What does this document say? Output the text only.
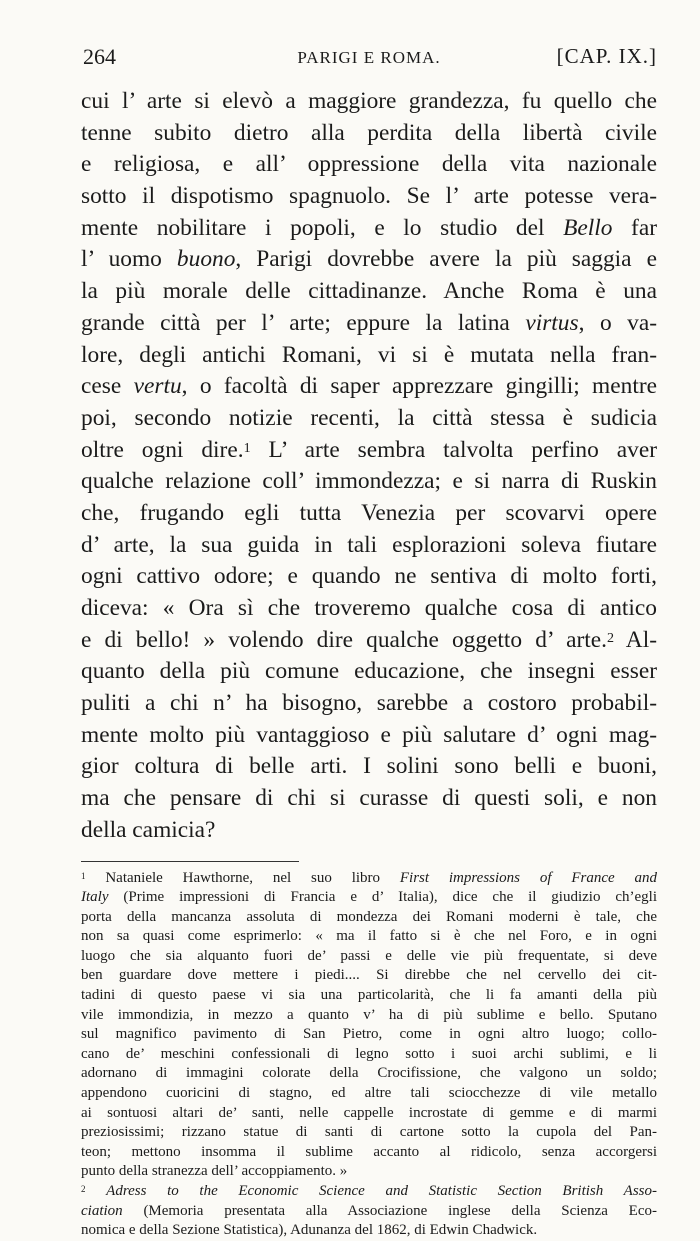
264	PARIGI E ROMA.	[CAP. IX.]
cui l’ arte si elevò a maggiore grandezza, fu quello che
tenne subito dietro alla perdita della libertà civile
e religiosa, e all’ oppressione della vita nazionale
sotto il dispotismo spagnuolo. Se l’ arte potesse vera-
mente nobilitare i popoli, e lo studio del Bello far
l’ uomo buono, Parigi dovrebbe avere la più saggia e
la più morale delle cittadinanze. Anche Roma è una
grande città per l’ arte; eppure la latina virtus, o va-
lore, degli antichi Romani, vi si è mutata nella fran-
cese vertu, o facoltà di saper apprezzare gingilli; mentre
poi, secondo notizie recenti, la città stessa è sudicia
oltre ogni dire.$^1$ L’ arte sembra talvolta perfino aver
qualche relazione coll’ immondezza; e si narra di Ruskin
che, frugando egli tutta Venezia per scovarvi opere
d’ arte, la sua guida in tali esplorazioni soleva fiutare
ogni cattivo odore; e quando ne sentiva di molto forti,
diceva: « Ora sì che troveremo qualche cosa di antico
e di bello! » volendo dire qualche oggetto d’ arte.$^2$ Al-
quanto della più comune educazione, che insegni esser
puliti a chi n’ ha bisogno, sarebbe a costoro probabil-
mente molto più vantaggioso e più salutare d’ ogni mag-
gior coltura di belle arti. I solini sono belli e buoni,
ma che pensare di chi si curasse di questi soli, e non
della camicia?
$^1$ Nataniele Hawthorne, nel suo libro First impressions of France and
Italy (Prime impressioni di Francia e d’ Italia), dice che il giudizio ch’egli
porta della mancanza assoluta di mondezza dei Romani moderni è tale, che
non sa quasi come esprimerlo: « ma il fatto si è che nel Foro, e in ogni
luogo che sia alquanto fuori de’ passi e delle vie più frequentate, si deve
ben guardare dove mettere i piedi.... Si direbbe che nel cervello dei cit-
tadini di questo paese vi sia una particolarità, che li fa amanti della più
vile immondizia, in mezzo a quanto v’ ha di più sublime e bello. Sputano
sul magnifico pavimento di San Pietro, come in ogni altro luogo; collo-
cano de’ meschini confessionali di legno sotto i suoi archi sublimi, e li
adornano di immagini colorate della Crocifissione, che valgono un soldo;
appendono cuoricini di stagno, ed altre tali sciocchezze di vile metallo
ai sontuosi altari de’ santi, nelle cappelle incrostate di gemme e di marmi
preziosissimi; rizzano statue di santi di cartone sotto la cupola del Pan-
teon; mettono insomma il sublime accanto al ridicolo, senza accorgersi
punto della stranezza dell’ accoppiamento. »
$^2$ Adress to the Economic Science and Statistic Section British Asso-
ciation (Memoria presentata alla Associazione inglese della Scienza Eco-
nomica e della Sezione Statistica), Adunanza del 1862, di Edwin Chadwick.
